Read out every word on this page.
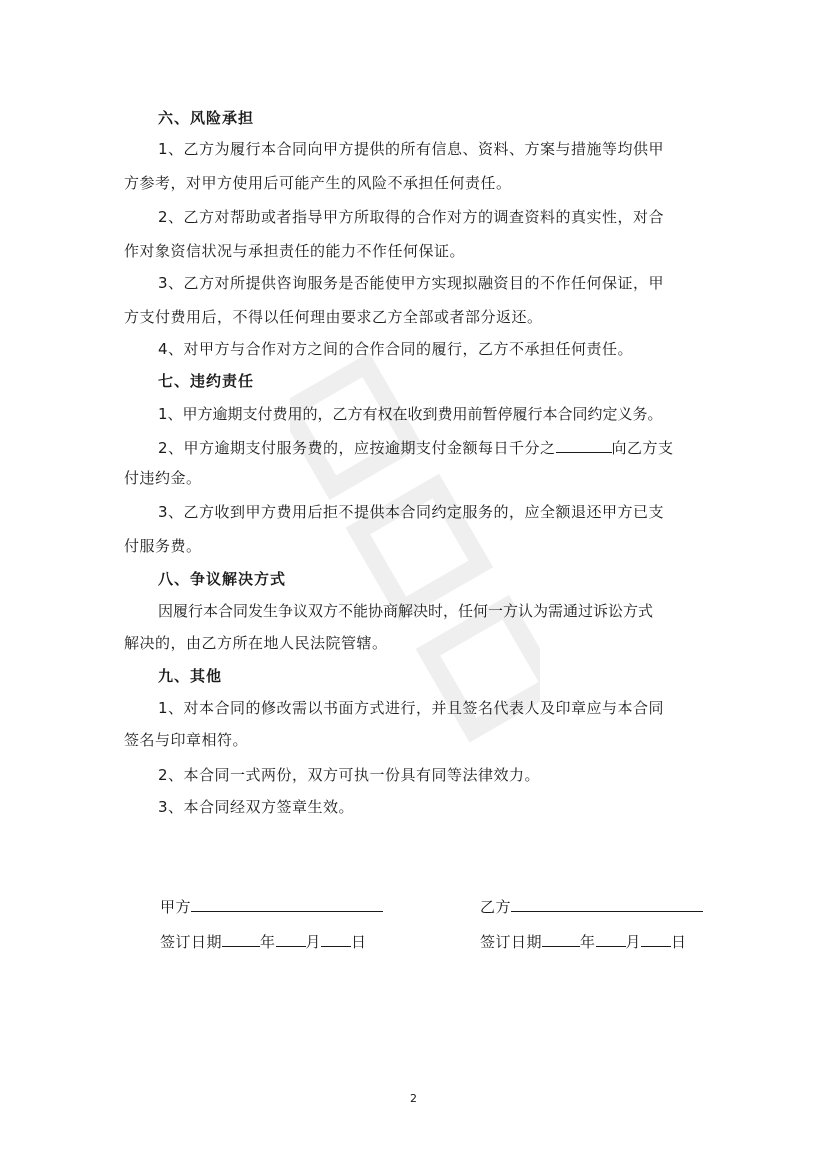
六、风险承担
1、乙方为履行本合同向甲方提供的所有信息、资料、方案与措施等均供甲
方参考，对甲方使用后可能产生的风险不承担任何责任。
2、乙方对帮助或者指导甲方所取得的合作对方的调查资料的真实性，对合
作对象资信状况与承担责任的能力不作任何保证。
3、乙方对所提供咨询服务是否能使甲方实现拟融资目的不作任何保证，甲
方支付费用后，不得以任何理由要求乙方全部或者部分返还。
4、对甲方与合作对方之间的合作合同的履行，乙方不承担任何责任。
七、违约责任
1、甲方逾期支付费用的，乙方有权在收到费用前暂停履行本合同约定义务。
2、甲方逾期支付服务费的，应按逾期支付金额每日千分之	向乙方支
付违约金。
3、乙方收到甲方费用后拒不提供本合同约定服务的，应全额退还甲方已支
付服务费。
八、争议解决方式
因履行本合同发生争议双方不能协商解决时，任何一方认为需通过诉讼方式
解决的，由乙方所在地人民法院管辖。
九、其他
1、对本合同的修改需以书面方式进行，并且签名代表人及印章应与本合同
签名与印章相符。
2、本合同一式两份，双方可执一份具有同等法律效力。
3、本合同经双方签章生效。
甲方	乙方
签订日期	年 月 日	签订日期	年 月 日
2
